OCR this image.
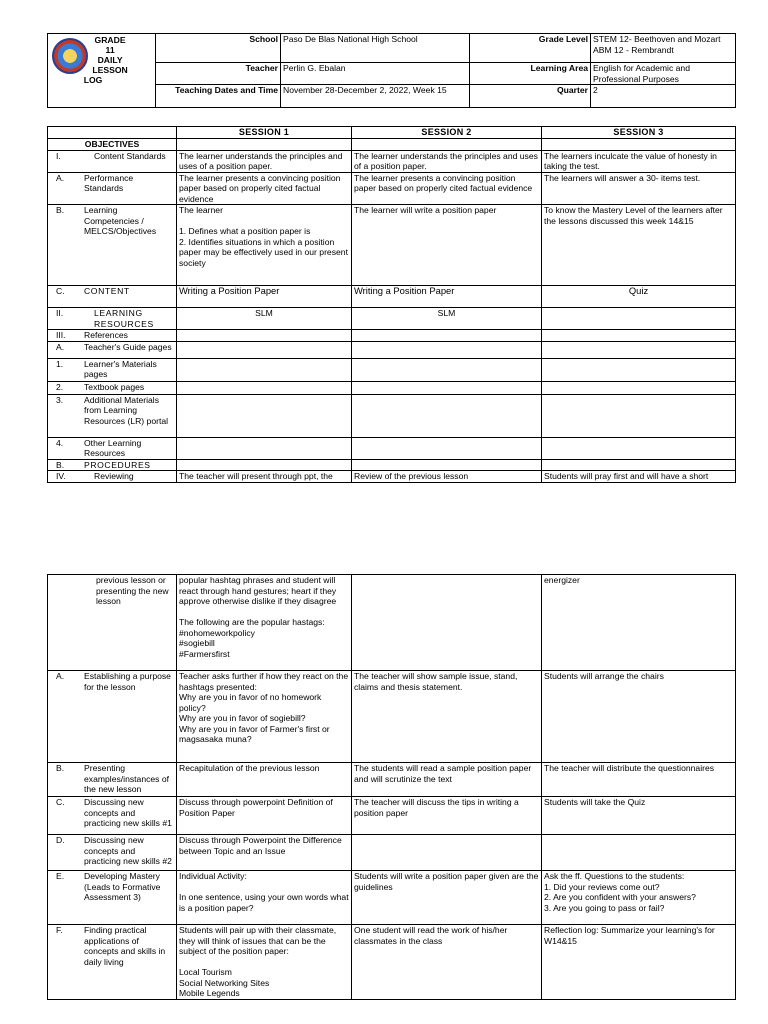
GRADE
11
DAILY
LESSON
LOG	School	Paso De Blas National High School	Grade Level	STEM 12- Beethoven and Mozart
ABM 12 - Rembrandt
	Teacher	Perlin G. Ebalan	Learning Area	English for Academic and Professional Purposes
	Teaching Dates and Time	November 28-December 2, 2022, Week 15	Quarter	2
	SESSION 1	SESSION 2	SESSION 3

OBJECTIVES			

I. Content Standards	The learner understands the principles and uses of a position paper.	The learner understands the principles and uses of a position paper.	The learners inculcate the value of honesty in taking the test.

A. Performance Standards	The learner presents a convincing position paper based on properly cited factual evidence	The learner presents a convincing position paper based on properly cited factual evidence	The learners will answer a 30- items test.

B. Learning Competencies / MELCS/Objectives	The learner

1. Defines what a position paper is
2. Identifies situations in which a position paper may be effectively used in our present society	The learner will write a position paper	To know the Mastery Level of the learners after the lessons discussed this week 14&15

C. CONTENT	Writing a Position Paper	Writing a Position Paper	Quiz

II. LEARNING RESOURCES	SLM	SLM	

III. References			

A. Teacher's Guide pages			

1. Learner's Materials pages			

2. Textbook pages			

3. Additional Materials from Learning Resources (LR) portal			

4. Other Learning Resources			

B. PROCEDURES			

IV. Reviewing	The teacher will present through ppt, the	Review of the previous lesson	Students will pray first and will have a short
previous lesson or presenting the new lesson	popular hashtag phrases and student will react through hand gestures; heart if they approve otherwise dislike if they disagree

The following are the popular hastags:
#nohomeworkpolicy
#sogiebill
#Farmersfirst		energizer

A. Establishing a purpose for the lesson	Teacher asks further if how they react on the hashtags presented:
Why are you in favor of no homework policy?
Why are you in favor of sogiebill?
Why are you in favor of Farmer's first or magsasaka muna?	The teacher will show sample issue, stand, claims and thesis statement.	Students will arrange the chairs

B. Presenting examples/instances of the new lesson	Recapitulation of the previous lesson	The students will read a sample position paper and will scrutinize the text	The teacher will distribute the questionnaires

C. Discussing new concepts and practicing new skills #1	Discuss through powerpoint Definition of Position Paper	The teacher will discuss the tips in writing a position paper	Students will take the Quiz

D. Discussing new concepts and practicing new skills #2	Discuss through Powerpoint the Difference between Topic and an Issue		

E. Developing Mastery (Leads to Formative Assessment 3)	Individual Activity:

In one sentence, using your own words what is a position paper?	Students will write a position paper given are the guidelines	Ask the ff. Questions to the students:
1. Did your reviews come out?
2. Are you confident with your answers?
3. Are you going to pass or fail?

F. Finding practical applications of concepts and skills in daily living	Students will pair up with their classmate, they will think of issues that can be the subject of the position paper:

Local Tourism
Social Networking Sites
Mobile Legends	One student will read the work of his/her classmates in the class	Reflection log: Summarize your learning's for W14&15
